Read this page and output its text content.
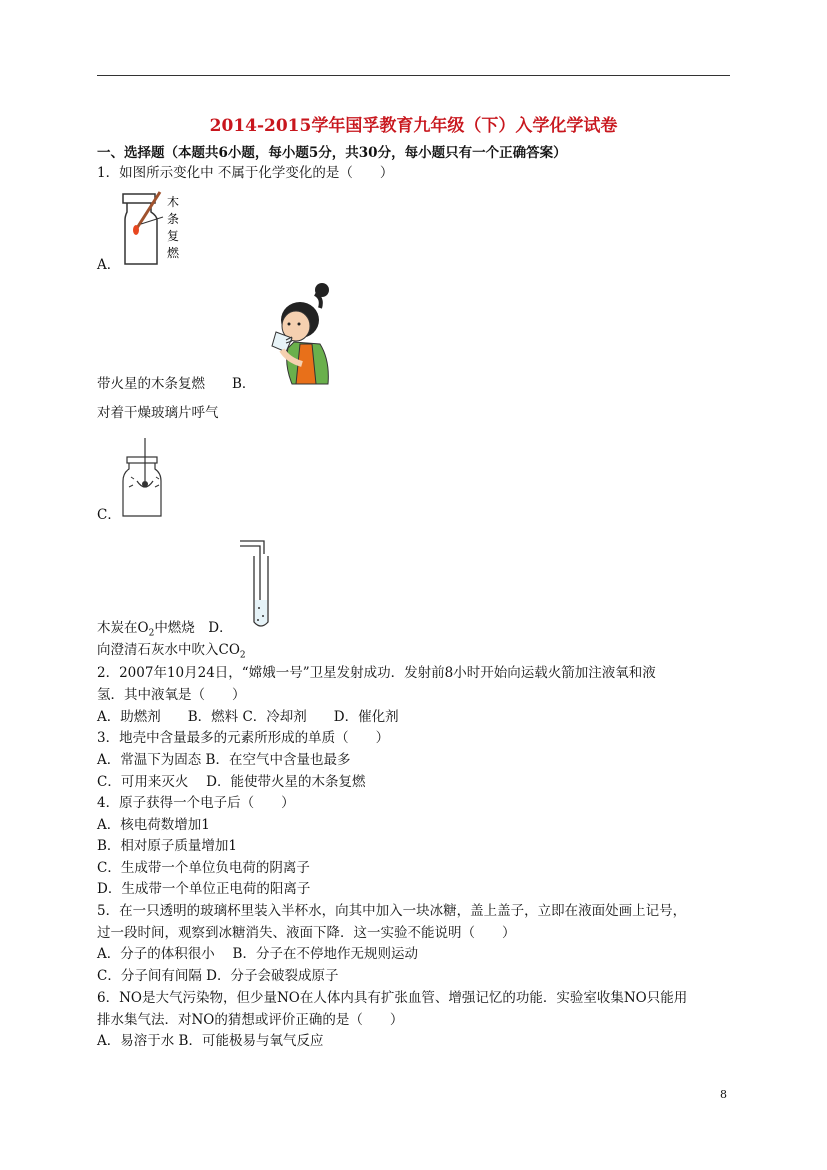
2014-2015学年国孚教育九年级（下）入学化学试卷
一、选择题（本题共6小题，每小题5分，共30分，每小题只有一个正确答案）
1．如图所示变化中 不属于化学变化的是（　　）
木
条
复
燃
A．
带火星的木条复燃　　B．
对着干燥玻璃片呼气
C．
木炭在$O_2$中燃烧　D．
向澄清石灰水中吹入$CO_2$
2．2007年10月24日，“嫦娥一号”卫星发射成功．发射前8小时开始向运载火箭加注液氧和液
氢．其中液氧是（　　）
A．助燃剂　　B．燃料 C．冷却剂　　D．催化剂
3．地壳中含量最多的元素所形成的单质（　　）
A．常温下为固态 B．在空气中含量也最多
C．可用来灭火　 D．能使带火星的木条复燃
4．原子获得一个电子后（　　）
A．核电荷数增加1
B．相对原子质量增加1
C．生成带一个单位负电荷的阴离子
D．生成带一个单位正电荷的阳离子
5．在一只透明的玻璃杯里装入半杯水，向其中加入一块冰糖，盖上盖子，立即在液面处画上记号，
过一段时间，观察到冰糖消失、液面下降．这一实验不能说明（　　）
A．分子的体积很小　 B．分子在不停地作无规则运动
C．分子间有间隔 D．分子会破裂成原子
6．NO是大气污染物，但少量NO在人体内具有扩张血管、增强记忆的功能．实验室收集NO只能用
排水集气法．对NO的猜想或评价正确的是（　　）
A．易溶于水 B．可能极易与氧气反应
8
